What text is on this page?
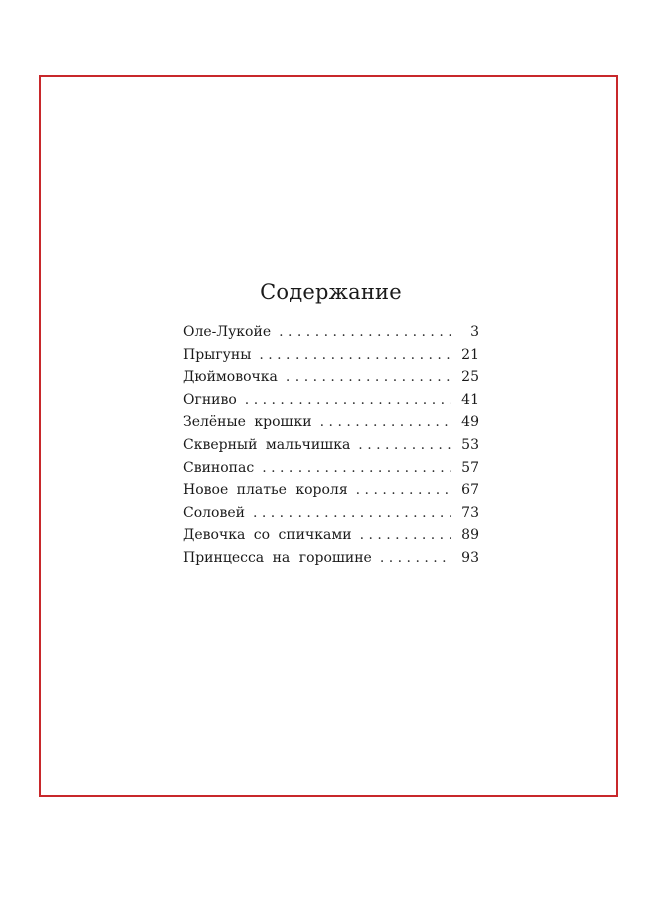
Содержание
Оле-Лукойе . . .	3
Прыгуны . . .	21
Дюймовочка . . .	25
Огниво . . .	41
Зелёные крошки . . .	49
Скверный мальчишка . . .	53
Свинопас . . .	57
Новое платье короля . . .	67
Соловей . . .	73
Девочка со спичками . . .	89
Принцесса на горошине . . .	93
